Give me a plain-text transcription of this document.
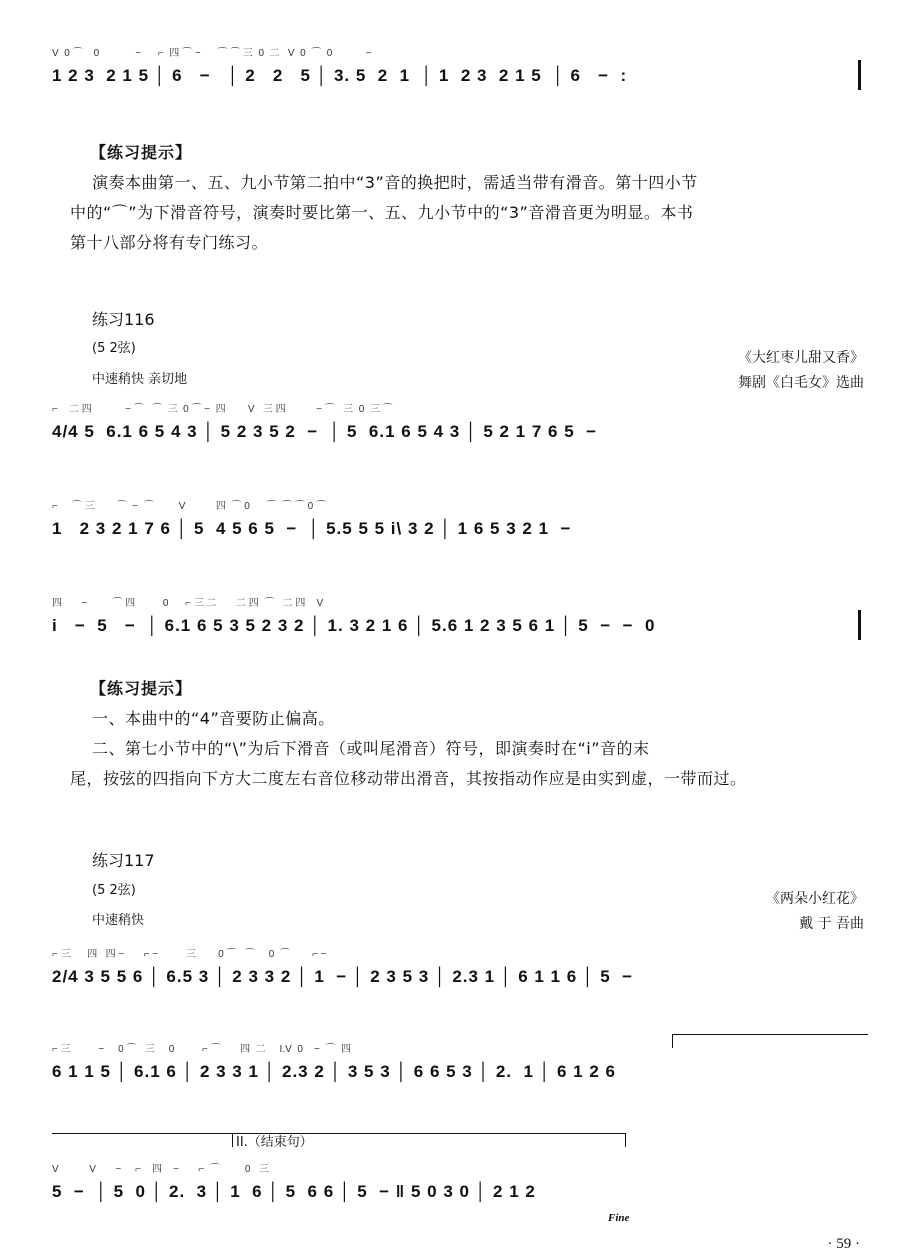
V  0 ⌒    0             −      ⌐  四 ⌒ −      ⌒ ⌒ 三  0  二   V  0  ⌒  0            −
1 2 3  2 1 5 │ 6   −   │ 2   2   5 │ 3. 5  2  1  │ 1  2 3  2 1 5  │ 6   −  :
【练习提示】
演奏本曲第一、五、九小节第二拍中“3”音的换把时，需适当带有滑音。第十四小节
中的“⌒”为下滑音符号，演奏时要比第一、五、九小节中的“3”音滑音更为明显。本书
第十八部分将有专门练习。
练习116
(5 2弦)
中速稍快 亲切地
《大红枣儿甜又香》
舞剧《白毛女》选曲
⌐    二 四            − ⌒   ⌒  三  0 ⌒ −  四        V   三 四           − ⌒   三  0  三 ⌒
4/4 5  6.1 6 5 4 3 │ 5 2 3 5 2  −  │ 5  6.1 6 5 4 3 │ 5 2 1 7 6 5  −
⌐     ⌒ 三        ⌒  −  ⌒         V           四  ⌒ 0      ⌒  ⌒ ⌒ 0 ⌒
1   2 3 2 1 7 6 │ 5  4 5 6 5  −  │ 5.5 5 5 i\ 3 2 │ 1 6 5 3 2 1  −
四       −         ⌒ 四          0      ⌐ 三 二       二 四  ⌒   二 四    V
i   −  5   −  │ 6.1 6 5 3 5 2 3 2 │ 1. 3 2 1 6 │ 5.6 1 2 3 5 6 1 │ 5  −  −  0
【练习提示】
一、本曲中的“4”音要防止偏高。
二、第七小节中的“\”为后下滑音（或叫尾滑音）符号，即演奏时在“i”音的末
尾，按弦的四指向下方大二度左右音位移动带出滑音，其按指动作应是由实到虚，一带而过。
练习117
(5 2弦)
中速稍快
《两朵小红花》
戴 于 吾曲
⌐ 三      四   四 −       ⌐ −          三        0 ⌒   ⌒     0  ⌒        ⌐ −
2/4 3 5 5 6 │ 6.5 3 │ 2 3 3 2 │ 1  − │ 2 3 5 3 │ 2.3 1 │ 6 1 1 6 │ 5  −
⌐ 三          −     0 ⌒   三     0          ⌐ ⌒       四  二     I.V  0    −  ⌒  四
6 1 1 5 │ 6.1 6 │ 2 3 3 1 │ 2.3 2 │ 3 5 3 │ 6 6 5 3 │ 2.  1 │ 6 1 2 6
II.（结束句）
V           V       −     ⌐    四    −       ⌐  ⌒         0   三
5  −  │ 5  0 │ 2.  3 │ 1  6 │ 5  6 6 │ 5  − ‖ 5 0 3 0 │ 2 1 2
Fine
· 59 ·
